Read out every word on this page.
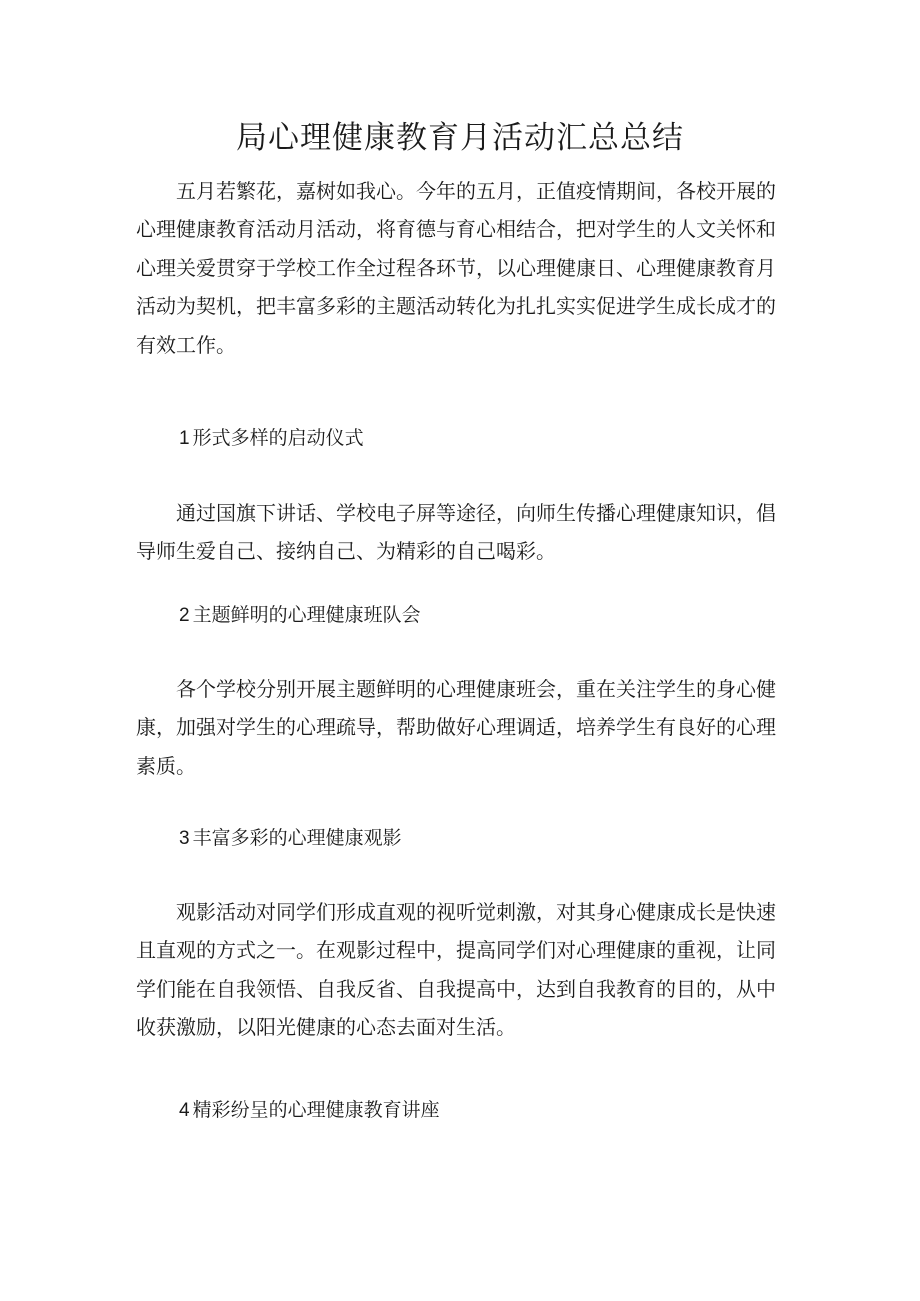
局心理健康教育月活动汇总总结
　　五月若繁花，嘉树如我心。今年的五月，正值疫情期间，各校开展的
心理健康教育活动月活动，将育德与育心相结合，把对学生的人文关怀和
心理关爱贯穿于学校工作全过程各环节，以心理健康日、心理健康教育月
活动为契机，把丰富多彩的主题活动转化为扎扎实实促进学生成长成才的
有效工作。
1 形式多样的启动仪式
　　通过国旗下讲话、学校电子屏等途径，向师生传播心理健康知识，倡
导师生爱自己、接纳自己、为精彩的自己喝彩。
2 主题鲜明的心理健康班队会
　　各个学校分别开展主题鲜明的心理健康班会，重在关注学生的身心健
康，加强对学生的心理疏导，帮助做好心理调适，培养学生有良好的心理
素质。
3 丰富多彩的心理健康观影
　　观影活动对同学们形成直观的视听觉刺激，对其身心健康成长是快速
且直观的方式之一。在观影过程中，提高同学们对心理健康的重视，让同
学们能在自我领悟、自我反省、自我提高中，达到自我教育的目的，从中
收获激励，以阳光健康的心态去面对生活。
4 精彩纷呈的心理健康教育讲座
